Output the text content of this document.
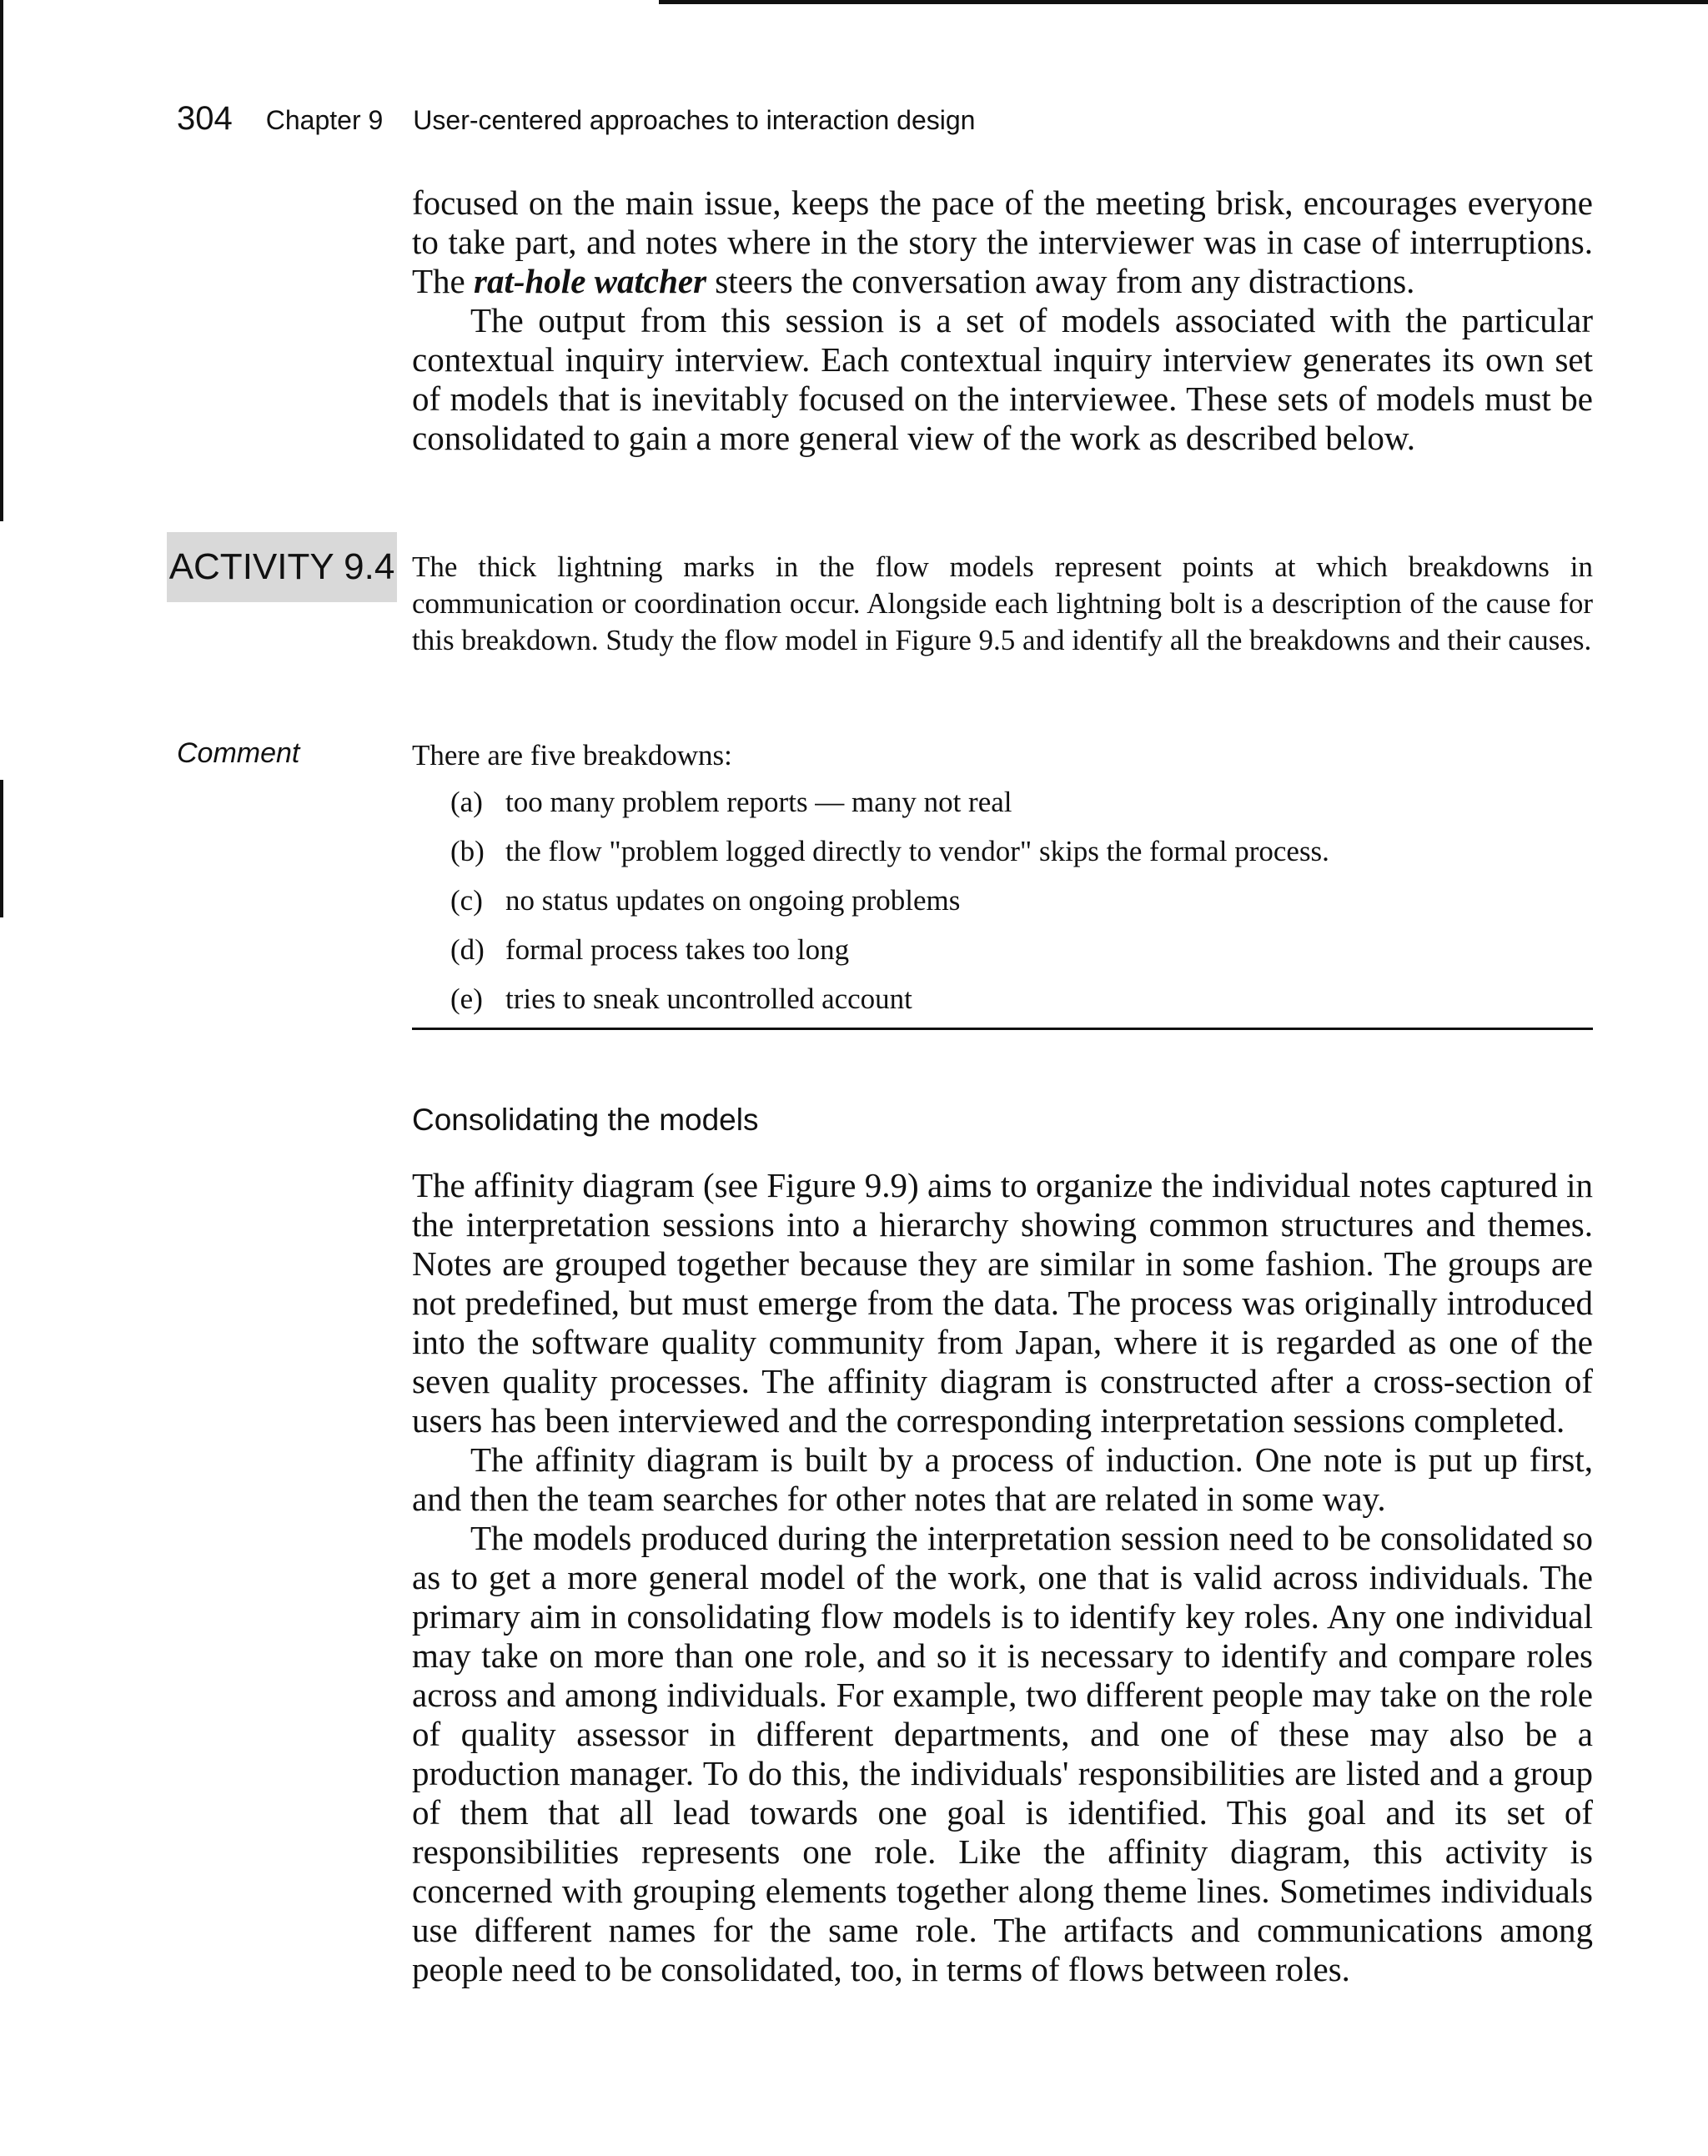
304 Chapter 9 User-centered approaches to interaction design

focused on the main issue, keeps the pace of the meeting brisk, encourages everyone to take part, and notes where in the story the interviewer was in case of interruptions. The rat-hole watcher steers the conversation away from any distractions.

The output from this session is a set of models associated with the particular contextual inquiry interview. Each contextual inquiry interview generates its own set of models that is inevitably focused on the interviewee. These sets of models must be consolidated to gain a more general view of the work as described below.

ACTIVITY 9.4 The thick lightning marks in the flow models represent points at which breakdowns in communication or coordination occur. Alongside each lightning bolt is a description of the cause for this breakdown. Study the flow model in Figure 9.5 and identify all the breakdowns and their causes.
Comment	There are five breakdowns:
(a) too many problem reports — many not real
(b) the flow "problem logged directly to vendor" skips the formal process.
(c) no status updates on ongoing problems
(d) formal process takes too long
(e) tries to sneak uncontrolled account
Consolidating the models

The affinity diagram (see Figure 9.9) aims to organize the individual notes captured in the interpretation sessions into a hierarchy showing common structures and themes. Notes are grouped together because they are similar in some fashion. The groups are not predefined, but must emerge from the data. The process was originally introduced into the software quality community from Japan, where it is regarded as one of the seven quality processes. The affinity diagram is constructed after a cross-section of users has been interviewed and the corresponding interpretation sessions completed.

The affinity diagram is built by a process of induction. One note is put up first, and then the team searches for other notes that are related in some way.

The models produced during the interpretation session need to be consolidated so as to get a more general model of the work, one that is valid across individuals. The primary aim in consolidating flow models is to identify key roles. Any one individual may take on more than one role, and so it is necessary to identify and compare roles across and among individuals. For example, two different people may take on the role of quality assessor in different departments, and one of these may also be a production manager. To do this, the individuals' responsibilities are listed and a group of them that all lead towards one goal is identified. This goal and its set of responsibilities represents one role. Like the affinity diagram, this activity is concerned with grouping elements together along theme lines. Sometimes individuals use different names for the same role. The artifacts and communications among people need to be consolidated, too, in terms of flows between roles.
